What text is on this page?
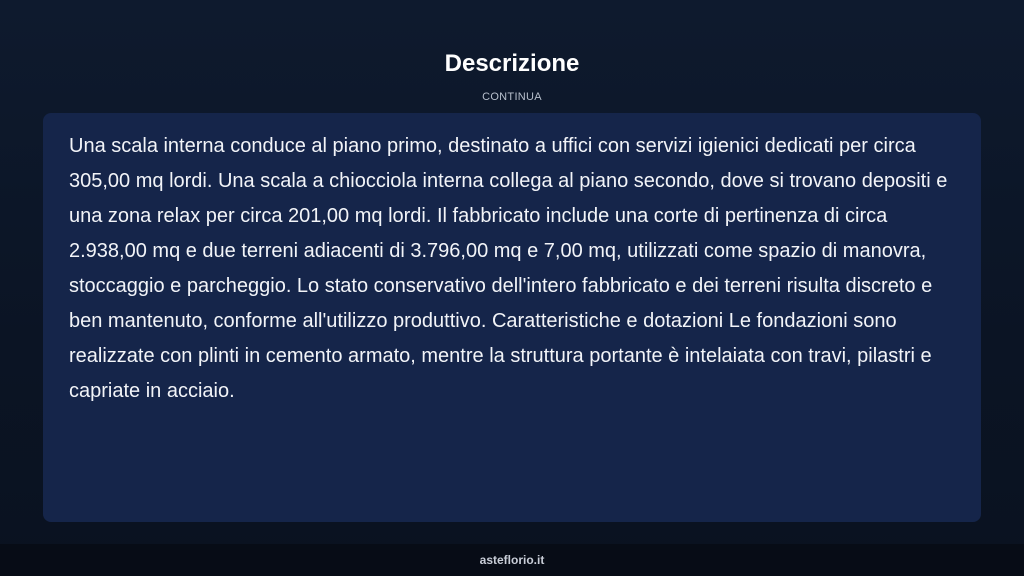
Descrizione
CONTINUA

Una scala interna conduce al piano primo, destinato a uffici con servizi igienici dedicati per circa 305,00 mq lordi. Una scala a chiocciola interna collega al piano secondo, dove si trovano depositi e una zona relax per circa 201,00 mq lordi. Il fabbricato include una corte di pertinenza di circa 2.938,00 mq e due terreni adiacenti di 3.796,00 mq e 7,00 mq, utilizzati come spazio di manovra, stoccaggio e parcheggio. Lo stato conservativo dell'intero fabbricato e dei terreni risulta discreto e ben mantenuto, conforme all'utilizzo produttivo. Caratteristiche e dotazioni Le fondazioni sono realizzate con plinti in cemento armato, mentre la struttura portante è intelaiata con travi, pilastri e capriate in acciaio.

asteflorio.it
